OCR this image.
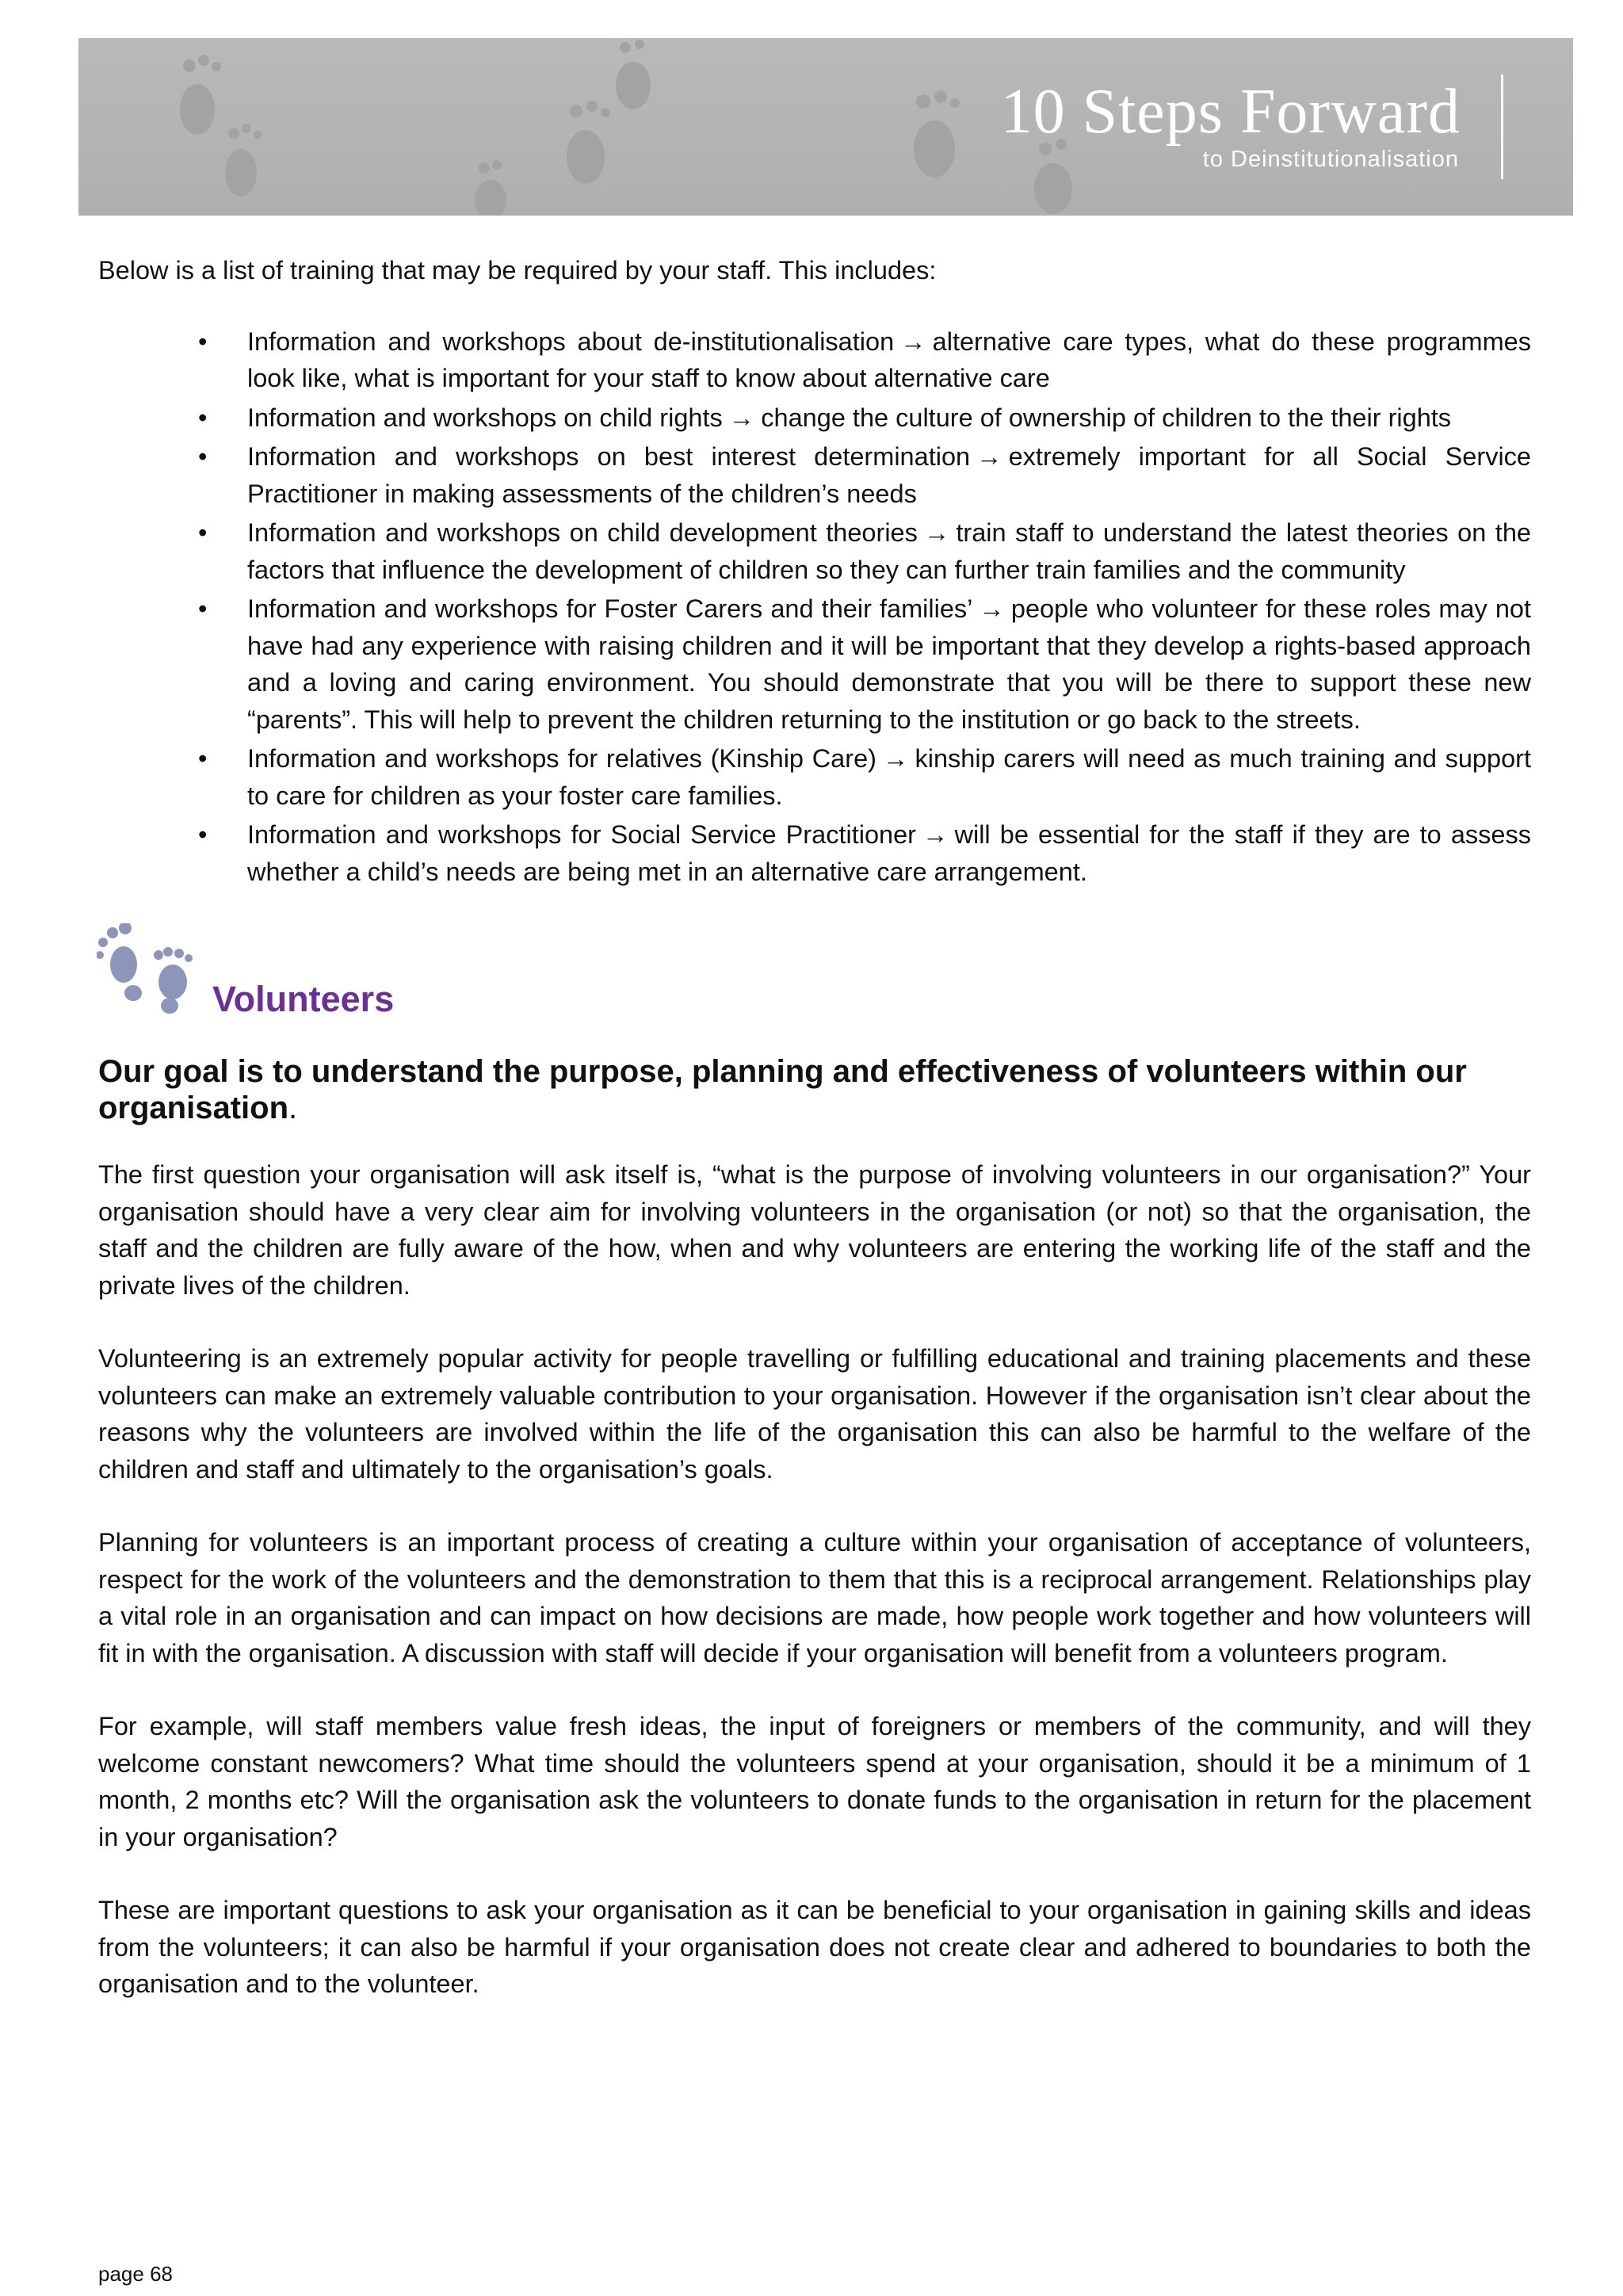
10 Steps Forward
to Deinstitutionalisation

Below is a list of training that may be required by your staff. This includes:

• Information and workshops about de-institutionalisation → alternative care types, what do these programmes look like, what is important for your staff to know about alternative care
• Information and workshops on child rights → change the culture of ownership of children to the their rights
• Information and workshops on best interest determination → extremely important for all Social Service Practitioner in making assessments of the children’s needs
• Information and workshops on child development theories → train staff to understand the latest theories on the factors that influence the development of children so they can further train families and the community
• Information and workshops for Foster Carers and their families’ → people who volunteer for these roles may not have had any experience with raising children and it will be important that they develop a rights-based approach and a loving and caring environment. You should demonstrate that you will be there to support these new “parents”. This will help to prevent the children returning to the institution or go back to the streets.
• Information and workshops for relatives (Kinship Care) → kinship carers will need as much training and support to care for children as your foster care families.
• Information and workshops for Social Service Practitioner → will be essential for the staff if they are to assess whether a child’s needs are being met in an alternative care arrangement.
Volunteers

Our goal is to understand the purpose, planning and effectiveness of volunteers within our organisation.

The first question your organisation will ask itself is, “what is the purpose of involving volunteers in our organisation?” Your organisation should have a very clear aim for involving volunteers in the organisation (or not) so that the organisation, the staff and the children are fully aware of the how, when and why volunteers are entering the working life of the staff and the private lives of the children.

Volunteering is an extremely popular activity for people travelling or fulfilling educational and training placements and these volunteers can make an extremely valuable contribution to your organisation. However if the organisation isn’t clear about the reasons why the volunteers are involved within the life of the organisation this can also be harmful to the welfare of the children and staff and ultimately to the organisation’s goals.

Planning for volunteers is an important process of creating a culture within your organisation of acceptance of volunteers, respect for the work of the volunteers and the demonstration to them that this is a reciprocal arrangement. Relationships play a vital role in an organisation and can impact on how decisions are made, how people work together and how volunteers will fit in with the organisation. A discussion with staff will decide if your organisation will benefit from a volunteers program.

For example, will staff members value fresh ideas, the input of foreigners or members of the community, and will they welcome constant newcomers? What time should the volunteers spend at your organisation, should it be a minimum of 1 month, 2 months etc? Will the organisation ask the volunteers to donate funds to the organisation in return for the placement in your organisation?

These are important questions to ask your organisation as it can be beneficial to your organisation in gaining skills and ideas from the volunteers; it can also be harmful if your organisation does not create clear and adhered to boundaries to both the organisation and to the volunteer.

page 68
